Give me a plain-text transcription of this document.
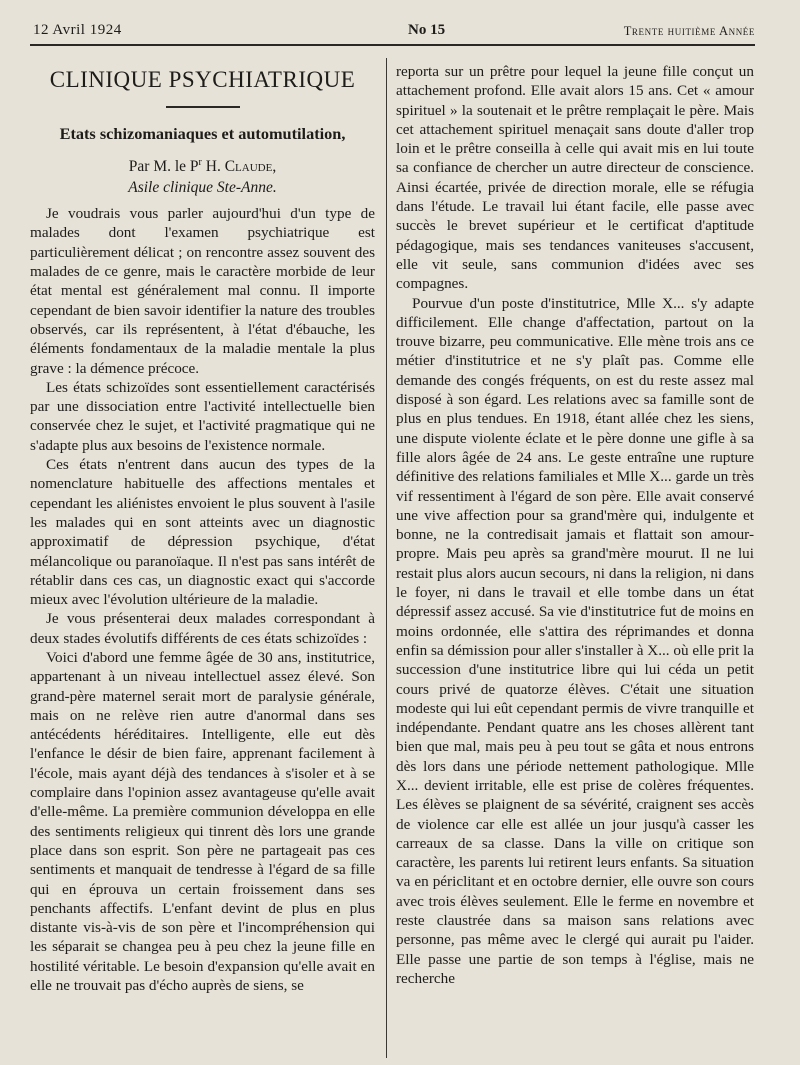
12 Avril 1924	No 15	Trente huitième Année
CLINIQUE PSYCHIATRIQUE
Etats schizomaniaques et automutilation,
Par M. le $P^r$ H. Claude,
Asile clinique Ste-Anne.

Je voudrais vous parler aujourd'hui d'un type de malades dont l'examen psychiatrique est particulièrement délicat ; on rencontre assez souvent des malades de ce genre, mais le caractère morbide de leur état mental est généralement mal connu. Il importe cependant de bien savoir identifier la nature des troubles observés, car ils représentent, à l'état d'ébauche, les éléments fondamentaux de la maladie mentale la plus grave : la démence précoce.

Les états schizoïdes sont essentiellement caractérisés par une dissociation entre l'activité intellectuelle bien conservée chez le sujet, et l'activité pragmatique qui ne s'adapte plus aux besoins de l'existence normale.

Ces états n'entrent dans aucun des types de la nomenclature habituelle des affections mentales et cependant les aliénistes envoient le plus souvent à l'asile les malades qui en sont atteints avec un diagnostic approximatif de dépression psychique, d'état mélancolique ou paranoïaque. Il n'est pas sans intérêt de rétablir dans ces cas, un diagnostic exact qui s'accorde mieux avec l'évolution ultérieure de la maladie.

Je vous présenterai deux malades correspondant à deux stades évolutifs différents de ces états schizoïdes :

Voici d'abord une femme âgée de 30 ans, institutrice, appartenant à un niveau intellectuel assez élevé. Son grand-père maternel serait mort de paralysie générale, mais on ne relève rien autre d'anormal dans ses antécédents héréditaires. Intelligente, elle eut dès l'enfance le désir de bien faire, apprenant facilement à l'école, mais ayant déjà des tendances à s'isoler et à se complaire dans l'opinion assez avantageuse qu'elle avait d'elle-même. La première communion développa en elle des sentiments religieux qui tinrent dès lors une grande place dans son esprit. Son père ne partageait pas ces sentiments et manquait de tendresse à l'égard de sa fille qui en éprouva un certain froissement dans ses penchants affectifs. L'enfant devint de plus en plus distante vis-à-vis de son père et l'incompréhension qui les séparait se changea peu à peu chez la jeune fille en hostilité véritable. Le besoin d'expansion qu'elle avait en elle ne trouvait pas d'écho auprès de siens, se

reporta sur un prêtre pour lequel la jeune fille conçut un attachement profond. Elle avait alors 15 ans. Cet « amour spirituel » la soutenait et le prêtre remplaçait le père. Mais cet attachement spirituel menaçait sans doute d'aller trop loin et le prêtre conseilla à celle qui avait mis en lui toute sa confiance de chercher un autre directeur de conscience. Ainsi écartée, privée de direction morale, elle se réfugia dans l'étude. Le travail lui étant facile, elle passe avec succès le brevet supérieur et le certificat d'aptitude pédagogique, mais ses tendances vaniteuses s'accusent, elle vit seule, sans communion d'idées avec ses compagnes.

Pourvue d'un poste d'institutrice, Mlle X... s'y adapte difficilement. Elle change d'affectation, partout on la trouve bizarre, peu communicative. Elle mène trois ans ce métier d'institutrice et ne s'y plaît pas. Comme elle demande des congés fréquents, on est du reste assez mal disposé à son égard. Les relations avec sa famille sont de plus en plus tendues. En 1918, étant allée chez les siens, une dispute violente éclate et le père donne une gifle à sa fille alors âgée de 24 ans. Le geste entraîne une rupture définitive des relations familiales et Mlle X... garde un très vif ressentiment à l'égard de son père. Elle avait conservé une vive affection pour sa grand'mère qui, indulgente et bonne, ne la contredisait jamais et flattait son amour-propre. Mais peu après sa grand'mère mourut. Il ne lui restait plus alors aucun secours, ni dans la religion, ni dans le foyer, ni dans le travail et elle tombe dans un état dépressif assez accusé. Sa vie d'institutrice fut de moins en moins ordonnée, elle s'attira des réprimandes et donna enfin sa démission pour aller s'installer à X... où elle prit la succession d'une institutrice libre qui lui céda un petit cours privé de quatorze élèves. C'était une situation modeste qui lui eût cependant permis de vivre tranquille et indépendante. Pendant quatre ans les choses allèrent tant bien que mal, mais peu à peu tout se gâta et nous entrons dès lors dans une période nettement pathologique. Mlle X... devient irritable, elle est prise de colères fréquentes. Les élèves se plaignent de sa sévérité, craignent ses accès de violence car elle est allée un jour jusqu'à casser les carreaux de sa classe. Dans la ville on critique son caractère, les parents lui retirent leurs enfants. Sa situation va en périclitant et en octobre dernier, elle ouvre son cours avec trois élèves seulement. Elle le ferme en novembre et reste claustrée dans sa maison sans relations avec personne, pas même avec le clergé qui aurait pu l'aider. Elle passe une partie de son temps à l'église, mais ne recherche
